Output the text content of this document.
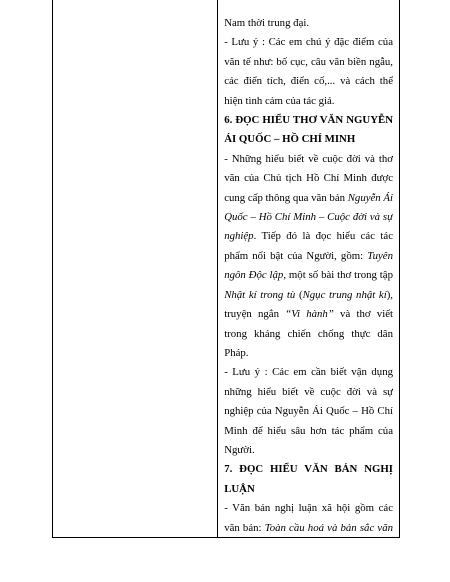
Nam thời trung đại.
- Lưu ý : Các em chú ý đặc điểm của
văn tế như: bố cục, câu văn biền ngẫu,
các điển tích, điển cố,... và cách thể
hiện tình cảm của tác giả.
6. ĐỌC HIỂU THƠ VĂN NGUYỄN
ÁI QUỐC – HỒ CHÍ MINH
- Những hiểu biết về cuộc đời và thơ
văn của Chủ tịch Hồ Chí Minh được
cung cấp thông qua văn bản Nguyễn Ái
Quốc – Hồ Chí Minh – Cuộc đời và sự
nghiệp. Tiếp đó là đọc hiểu các tác
phẩm nổi bật của Người, gồm: Tuyên
ngôn Độc lập, một số bài thơ trong tập
Nhật kí trong tù (Ngục trung nhật kí),
truyện ngắn “Vi hành” và thơ viết
trong kháng chiến chống thực dân
Pháp.
- Lưu ý : Các em cần biết vận dụng
những hiểu biết về cuộc đời và sự
nghiệp của Nguyễn Ái Quốc – Hồ Chí
Minh để hiểu sâu hơn tác phẩm của
Người.
7. ĐỌC HIỂU VĂN BẢN NGHỊ
LUẬN
- Văn bản nghị luận xã hội gồm các
văn bản: Toàn cầu hoá và bản sắc văn
